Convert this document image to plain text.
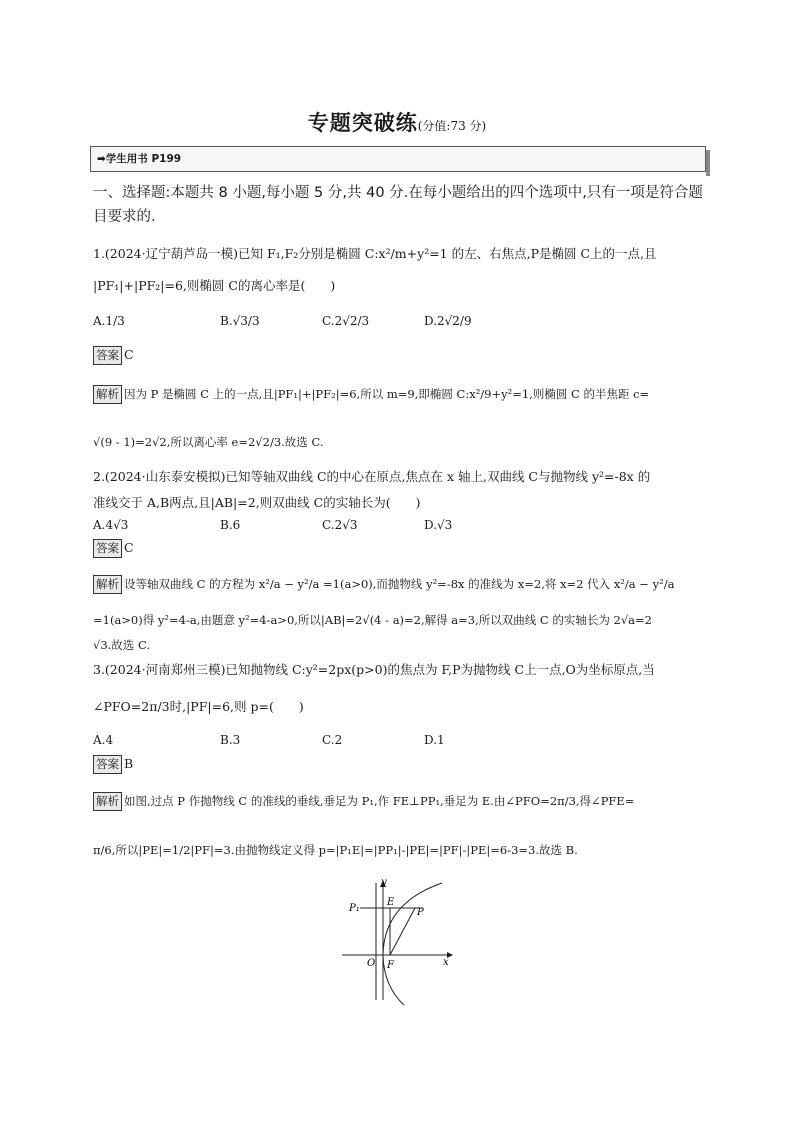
专题突破练(分值:73 分)
➡学生用书 P199
一、选择题:本题共 8 小题,每小题 5 分,共 40 分.在每小题给出的四个选项中,只有一项是符合题目要求的.
1.(2024·辽宁葫芦岛一模)已知 F₁,F₂分别是椭圆 C:x²/m+y²=1 的左、右焦点,P是椭圆 C上的一点,且
|PF₁|+|PF₂|=6,则椭圆 C的离心率是(　　)
A.1/3	B.√3/3	C.2√2/3	D.2√2/9
答案 C
解析 因为 P 是椭圆 C 上的一点,且|PF₁|+|PF₂|=6,所以 m=9,即椭圆 C:x²/9+y²=1,则椭圆 C 的半焦距 c=
√(9 - 1)=2√2,所以离心率 e=2√2/3.故选 C.
2.(2024·山东泰安模拟)已知等轴双曲线 C的中心在原点,焦点在 x 轴上,双曲线 C与抛物线 y²=-8x 的
准线交于 A,B两点,且|AB|=2,则双曲线 C的实轴长为(　　)
A.4√3	B.6	C.2√3	D.√3
答案 C
解析 设等轴双曲线 C 的方程为 x²/a − y²/a =1(a>0),而抛物线 y²=-8x 的准线为 x=2,将 x=2 代入 x²/a − y²/a
=1(a>0)得 y²=4-a,由题意 y²=4-a>0,所以|AB|=2√(4 - a)=2,解得 a=3,所以双曲线 C 的实轴长为 2√a=2
√3.故选 C.
3.(2024·河南郑州三模)已知抛物线 C:y²=2px(p>0)的焦点为 F,P为抛物线 C上一点,O为坐标原点,当
∠PFO=2π/3时,|PF|=6,则 p=(　　)
A.4	B.3	C.2	D.1
答案 B
解析 如图,过点 P 作抛物线 C 的准线的垂线,垂足为 P₁,作 FE⊥PP₁,垂足为 E.由∠PFO=2π/3,得∠PFE=
π/6,所以|PE|=1/2|PF|=3.由抛物线定义得 p=|P₁E|=|PP₁|-|PE|=|PF|-|PE|=6-3=3.故选 B.
y
x
P₁
E
P
O F
